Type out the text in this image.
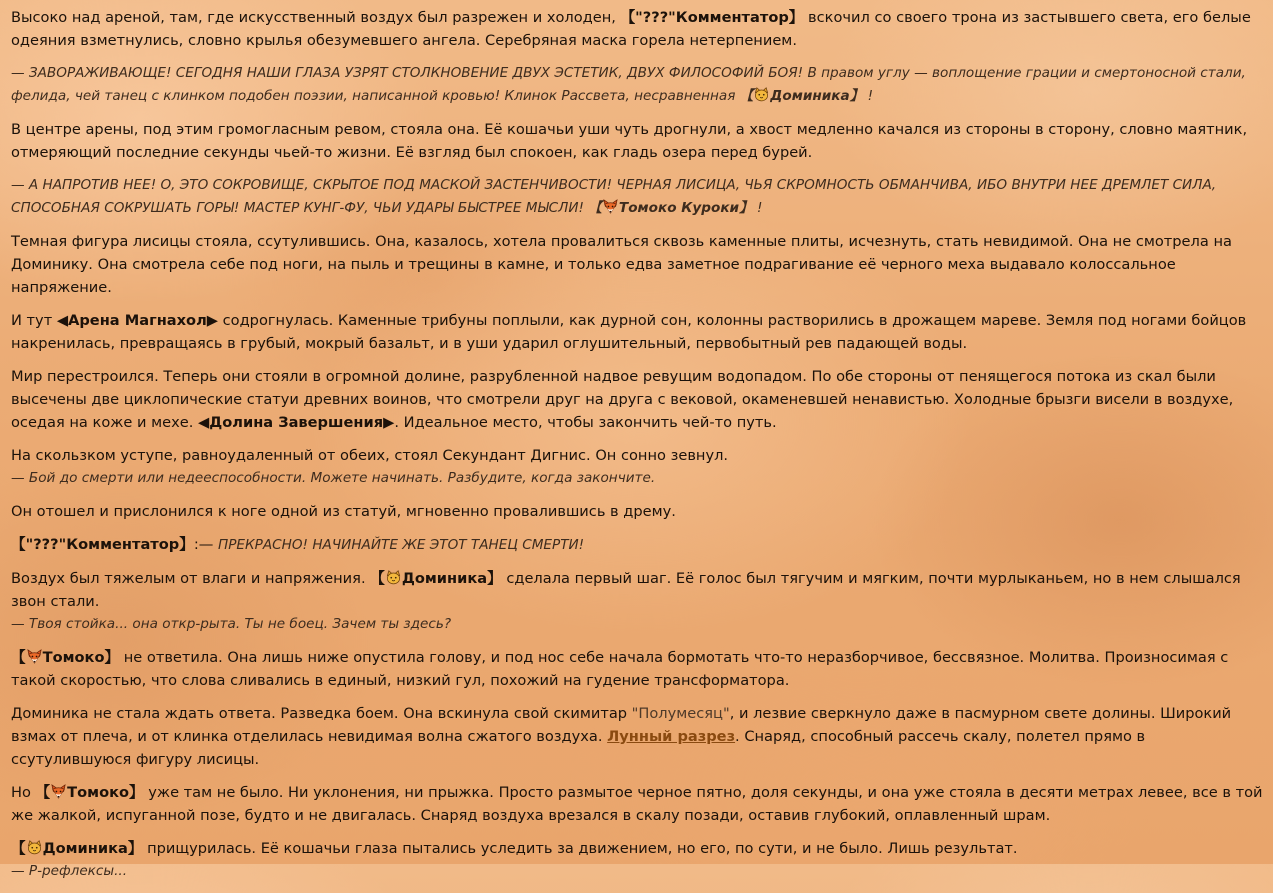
Высоко над ареной, там, где искусственный воздух был разрежен и холоден, 【"???"Комментатор】 вскочил со своего трона из застывшего света, его белые одеяния взметнулись, словно крылья обезумевшего ангела. Серебряная маска горела нетерпением.

— ЗАВОРАЖИВАЮЩЕ! СЕГОДНЯ НАШИ ГЛАЗА УЗРЯТ СТОЛКНОВЕНИЕ ДВУХ ЭСТЕТИК, ДВУХ ФИЛОСОФИЙ БОЯ! В правом углу — воплощение грации и смертоносной стали, фелида, чей танец с клинком подобен поэзии, написанной кровью! Клинок Рассвета, несравненная 【 Доминика】 !

В центре арены, под этим громогласным ревом, стояла она. Её кошачьи уши чуть дрогнули, а хвост медленно качался из стороны в сторону, словно маятник, отмеряющий последние секунды чьей-то жизни. Её взгляд был спокоен, как гладь озера перед бурей.

— А НАПРОТИВ НЕЕ! О, ЭТО СОКРОВИЩЕ, СКРЫТОЕ ПОД МАСКОЙ ЗАСТЕНЧИВОСТИ! ЧЕРНАЯ ЛИСИЦА, ЧЬЯ СКРОМНОСТЬ ОБМАНЧИВА, ИБО ВНУТРИ НЕЕ ДРЕМЛЕТ СИЛА, СПОСОБНАЯ СОКРУШАТЬ ГОРЫ! МАСТЕР КУНГ-ФУ, ЧЬИ УДАРЫ БЫСТРЕЕ МЫСЛИ! 【 Томоко Куроки】 !

Темная фигура лисицы стояла, ссутулившись. Она, казалось, хотела провалиться сквозь каменные плиты, исчезнуть, стать невидимой. Она не смотрела на Доминику. Она смотрела себе под ноги, на пыль и трещины в камне, и только едва заметное подрагивание её черного меха выдавало колоссальное напряжение.

И тут ◀Арена Магнахол▶ содрогнулась. Каменные трибуны поплыли, как дурной сон, колонны растворились в дрожащем мареве. Земля под ногами бойцов накренилась, превращаясь в грубый, мокрый базальт, и в уши ударил оглушительный, первобытный рев падающей воды.

Мир перестроился. Теперь они стояли в огромной долине, разрубленной надвое ревущим водопадом. По обе стороны от пенящегося потока из скал были высечены две циклопические статуи древних воинов, что смотрели друг на друга с вековой, окаменевшей ненавистью. Холодные брызги висели в воздухе, оседая на коже и мехе. ◀Долина Завершения▶. Идеальное место, чтобы закончить чей-то путь.

На скользком уступе, равноудаленный от обеих, стоял Секундант Дигнис. Он сонно зевнул.
— Бой до смерти или недееспособности. Можете начинать. Разбудите, когда закончите.

Он отошел и прислонился к ноге одной из статуй, мгновенно провалившись в дрему.

【"???"Комментатор】:— ПРЕКРАСНО! НАЧИНАЙТЕ ЖЕ ЭТОТ ТАНЕЦ СМЕРТИ!

Воздух был тяжелым от влаги и напряжения. 【 Доминика】 сделала первый шаг. Её голос был тягучим и мягким, почти мурлыканьем, но в нем слышался звон стали.
— Твоя стойка... она откр-рыта. Ты не боец. Зачем ты здесь?

【 Томоко】 не ответила. Она лишь ниже опустила голову, и под нос себе начала бормотать что-то неразборчивое, бессвязное. Молитва. Произносимая с такой скоростью, что слова сливались в единый, низкий гул, похожий на гудение трансформатора.

Доминика не стала ждать ответа. Разведка боем. Она вскинула свой скимитар "Полумесяц", и лезвие сверкнуло даже в пасмурном свете долины. Широкий взмах от плеча, и от клинка отделилась невидимая волна сжатого воздуха. Лунный разрез. Снаряд, способный рассечь скалу, полетел прямо в ссутулившуюся фигуру лисицы.

Но 【 Томоко】 уже там не было. Ни уклонения, ни прыжка. Просто размытое черное пятно, доля секунды, и она уже стояла в десяти метрах левее, все в той же жалкой, испуганной позе, будто и не двигалась. Снаряд воздуха врезался в скалу позади, оставив глубокий, оплавленный шрам.

【 Доминика】 прищурилась. Её кошачьи глаза пытались уследить за движением, но его, по сути, и не было. Лишь результат.
— Р-рефлексы...
